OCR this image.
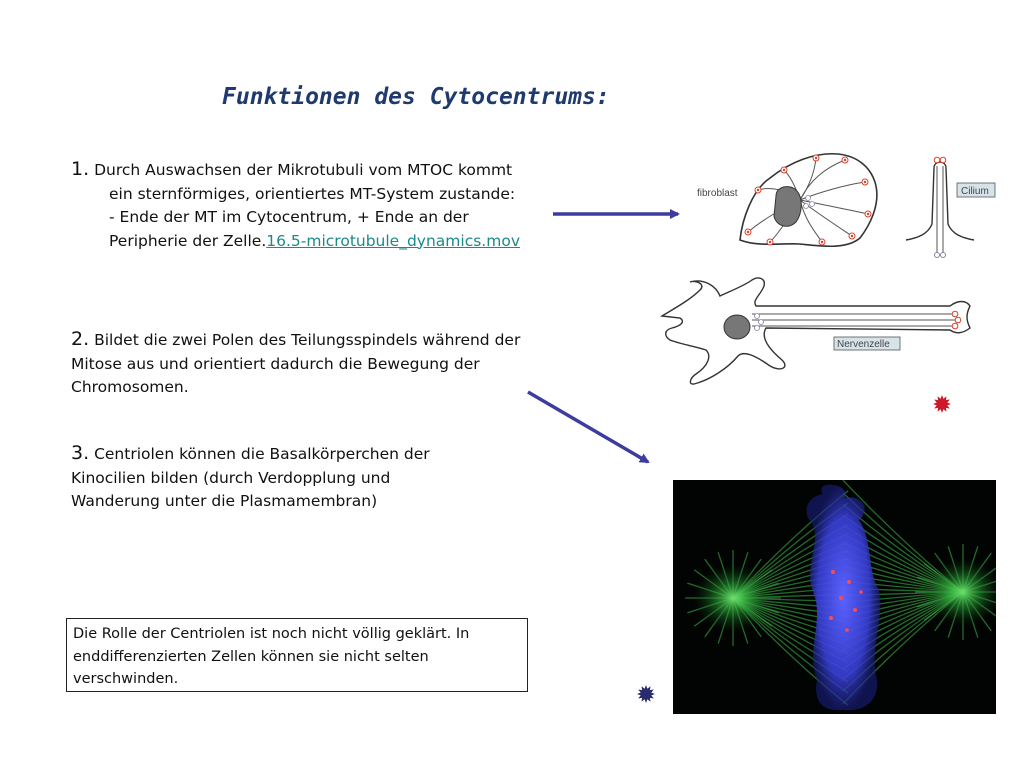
Funktionen des Cytocentrums:
1. Durch Auswachsen der Mikrotubuli vom MTOC kommt
ein sternförmiges, orientiertes MT-System zustande:
- Ende der MT im Cytocentrum, + Ende an der
Peripherie der Zelle.16.5-microtubule_dynamics.mov
2. Bildet die zwei Polen des Teilungsspindels während der
Mitose aus und orientiert dadurch die Bewegung der
Chromosomen.
3. Centriolen können die Basalkörperchen der
Kinocilien bilden (durch Verdopplung und
Wanderung unter die Plasmamembran)
Die Rolle der Centriolen ist noch nicht völlig geklärt. In
enddifferenzierten Zellen können sie nicht selten
verschwinden.
fibroblast	Cilium
Nervenzelle
